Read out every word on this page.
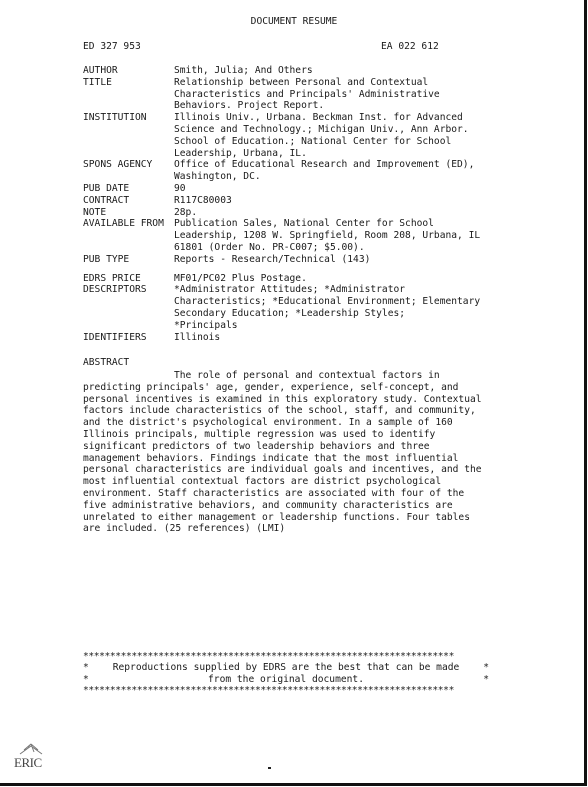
DOCUMENT RESUME
ED 327 953	EA 022 612
AUTHOR	Smith, Julia; And Others
TITLE	Relationship between Personal and Contextual
Characteristics and Principals' Administrative
Behaviors. Project Report.
INSTITUTION	Illinois Univ., Urbana. Beckman Inst. for Advanced
Science and Technology.; Michigan Univ., Ann Arbor.
School of Education.; National Center for School
Leadership, Urbana, IL.
SPONS AGENCY	Office of Educational Research and Improvement (ED),
Washington, DC.
PUB DATE	90
CONTRACT	R117C80003
NOTE	28p.
AVAILABLE FROM	Publication Sales, National Center for School
Leadership, 1208 W. Springfield, Room 208, Urbana, IL
61801 (Order No. PR-C007; $5.00).
PUB TYPE	Reports - Research/Technical (143)
EDRS PRICE	MF01/PC02 Plus Postage.
DESCRIPTORS	*Administrator Attitudes; *Administrator
Characteristics; *Educational Environment; Elementary
Secondary Education; *Leadership Styles;
*Principals
IDENTIFIERS	Illinois
ABSTRACT
The role of personal and contextual factors in
predicting principals' age, gender, experience, self-concept, and
personal incentives is examined in this exploratory study. Contextual
factors include characteristics of the school, staff, and community,
and the district's psychological environment. In a sample of 160
Illinois principals, multiple regression was used to identify
significant predictors of two leadership behaviors and three
management behaviors. Findings indicate that the most influential
personal characteristics are individual goals and incentives, and the
most influential contextual factors are district psychological
environment. Staff characteristics are associated with four of the
five administrative behaviors, and community characteristics are
unrelated to either management or leadership functions. Four tables
are included. (25 references) (LMI)
*********************************************************************
*	Reproductions supplied by EDRS are the best that can be made	*
*	from the original document.	*
*********************************************************************
ERIC
